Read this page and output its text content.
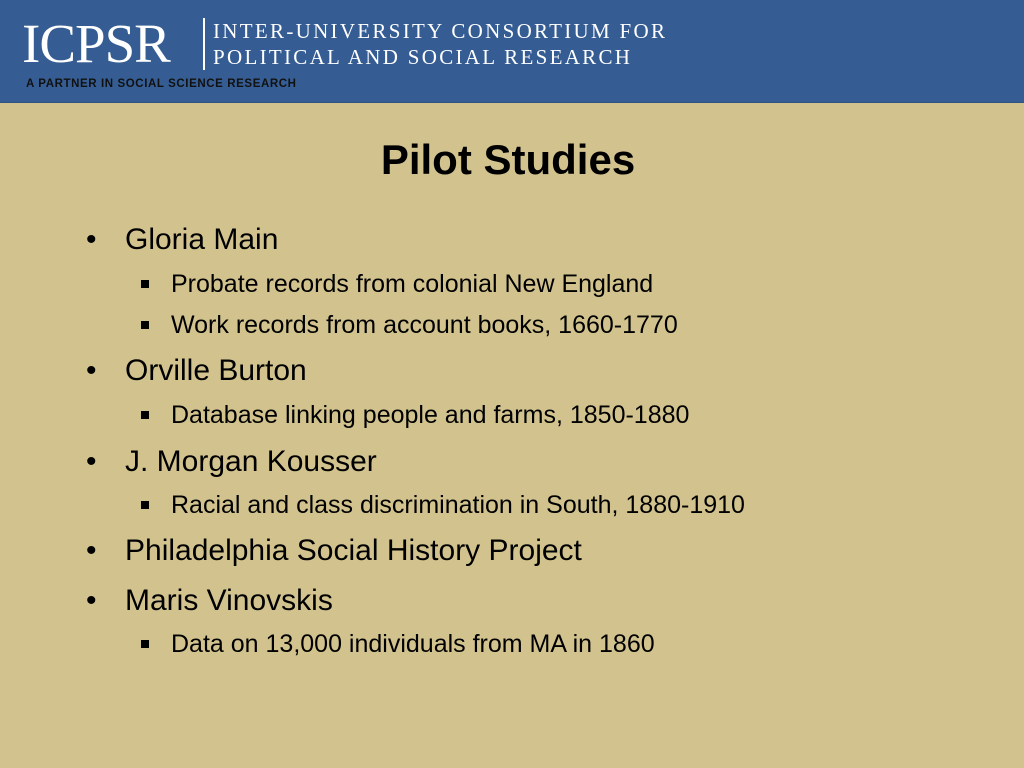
ICPSR INTER-UNIVERSITY CONSORTIUM FOR
POLITICAL AND SOCIAL RESEARCH
A PARTNER IN SOCIAL SCIENCE RESEARCH
Pilot Studies
• Gloria Main
Probate records from colonial New England
Work records from account books, 1660-1770
• Orville Burton
Database linking people and farms, 1850-1880
• J. Morgan Kousser
Racial and class discrimination in South, 1880-1910
• Philadelphia Social History Project
• Maris Vinovskis
Data on 13,000 individuals from MA in 1860
